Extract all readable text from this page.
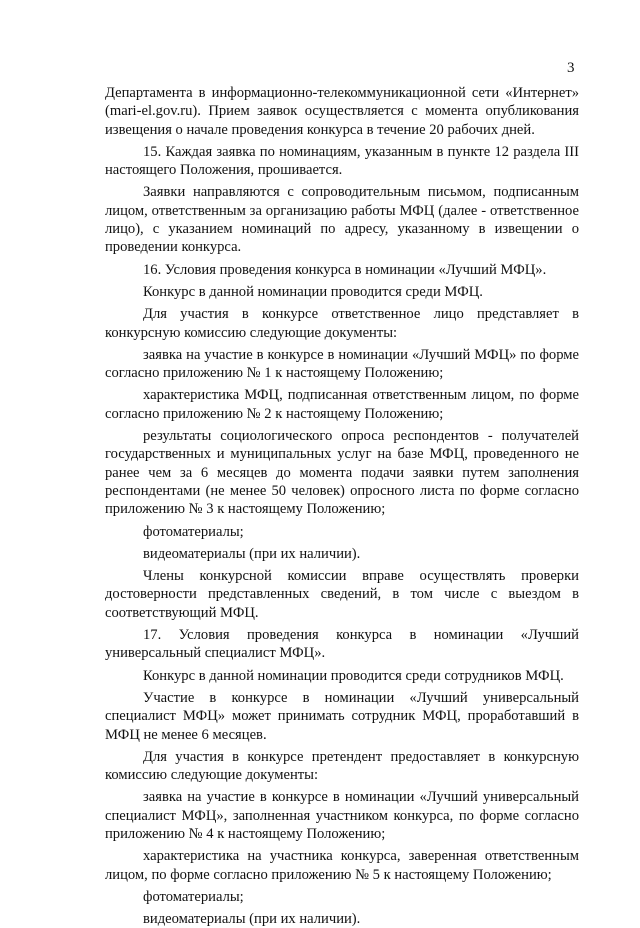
3

Департамента в информационно-телекоммуникационной сети «Интернет» (mari-el.gov.ru). Прием заявок осуществляется с момента опубликования извещения о начале проведения конкурса в течение 20 рабочих дней.

15. Каждая заявка по номинациям, указанным в пункте 12 раздела III настоящего Положения, прошивается.

Заявки направляются с сопроводительным письмом, подписанным лицом, ответственным за организацию работы МФЦ (далее - ответственное лицо), с указанием номинаций по адресу, указанному в извещении о проведении конкурса.

16. Условия проведения конкурса в номинации «Лучший МФЦ».

Конкурс в данной номинации проводится среди МФЦ.

Для участия в конкурсе ответственное лицо представляет в конкурсную комиссию следующие документы:

заявка на участие в конкурсе в номинации «Лучший МФЦ» по форме согласно приложению № 1 к настоящему Положению;

характеристика МФЦ, подписанная ответственным лицом, по форме согласно приложению № 2 к настоящему Положению;

результаты социологического опроса респондентов - получателей государственных и муниципальных услуг на базе МФЦ, проведенного не ранее чем за 6 месяцев до момента подачи заявки путем заполнения респондентами (не менее 50 человек) опросного листа по форме согласно приложению № 3 к настоящему Положению;

фотоматериалы;

видеоматериалы (при их наличии).

Члены конкурсной комиссии вправе осуществлять проверки достоверности представленных сведений, в том числе с выездом в соответствующий МФЦ.

17. Условия проведения конкурса в номинации «Лучший универсальный специалист МФЦ».

Конкурс в данной номинации проводится среди сотрудников МФЦ.

Участие в конкурсе в номинации «Лучший универсальный специалист МФЦ» может принимать сотрудник МФЦ, проработавший в МФЦ не менее 6 месяцев.

Для участия в конкурсе претендент предоставляет в конкурсную комиссию следующие документы:

заявка на участие в конкурсе в номинации «Лучший универсальный специалист МФЦ», заполненная участником конкурса, по форме согласно приложению № 4 к настоящему Положению;

характеристика на участника конкурса, заверенная ответственным лицом, по форме согласно приложению № 5 к настоящему Положению;

фотоматериалы;

видеоматериалы (при их наличии).
